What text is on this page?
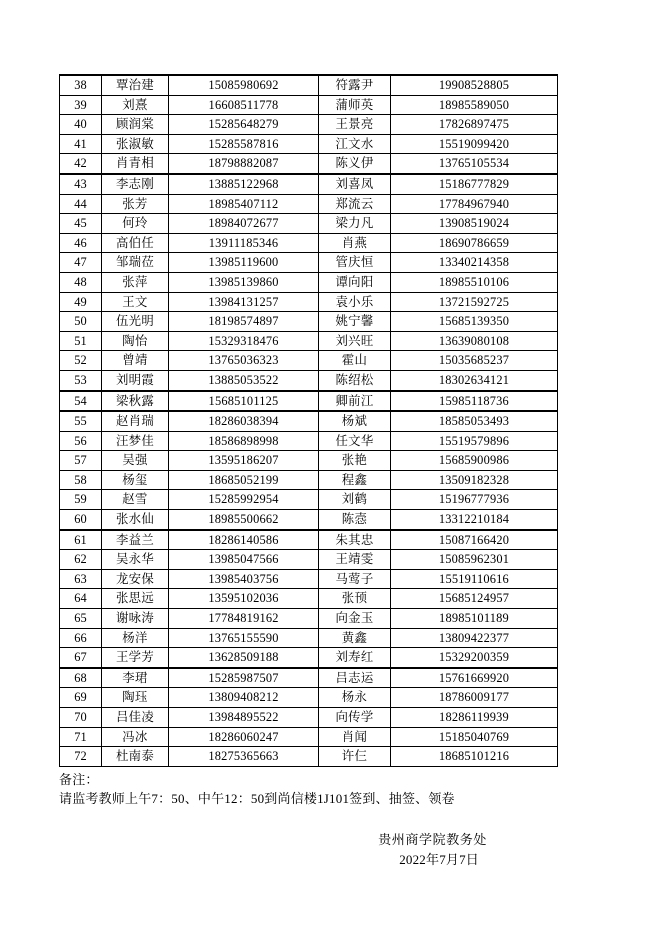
38	覃治建	15085980692	符露尹	19908528805
39	刘熹	16608511778	蒲师英	18985589050
40	顾润棠	15285648279	王景亮	17826897475
41	张淑敏	15285587816	江文水	15519099420
42	肖青相	18798882087	陈义伊	13765105534
43	李志刚	13885122968	刘喜凤	15186777829
44	张芳	18985407112	郑流云	17784967940
45	何玲	18984072677	梁力凡	13908519024
46	高伯任	13911185346	肖燕	18690786659
47	邹瑞莅	13985119600	管庆恒	13340214358
48	张萍	13985139860	谭向阳	18985510106
49	王文	13984131257	袁小乐	13721592725
50	伍光明	18198574897	姚宁馨	15685139350
51	陶怡	15329318476	刘兴旺	13639080108
52	曾靖	13765036323	霍山	15035685237
53	刘明霞	13885053522	陈绍松	18302634121
54	梁秋露	15685101125	卿前江	15985118736
55	赵肖瑞	18286038394	杨斌	18585053493
56	汪梦佳	18586898998	任文华	15519579896
57	吴强	13595186207	张艳	15685900986
58	杨玺	18685052199	程鑫	13509182328
59	赵雪	15285992954	刘鹤	15196777936
60	张水仙	18985500662	陈悫	13312210184
61	李益兰	18286140586	朱其忠	15087166420
62	吴永华	13985047566	王靖雯	15085962301
63	龙安保	13985403756	马莺子	15519110616
64	张思远	13595102036	张顸	15685124957
65	谢咏涛	17784819162	向金玉	18985101189
66	杨洋	13765155590	黄鑫	13809422377
67	王学芳	13628509188	刘寿红	15329200359
68	李珺	15285987507	吕志运	15761669920
69	陶珏	13809408212	杨永	18786009177
70	吕佳凌	13984895522	向传学	18286119939
71	冯冰	18286060247	肖闻	15185040769
72	杜南泰	18275365663	许仨	18685101216
备注：
请监考教师上午7：50、中午12：50到尚信楼1J101签到、抽签、领卷
贵州商学院教务处
2022年7月7日
